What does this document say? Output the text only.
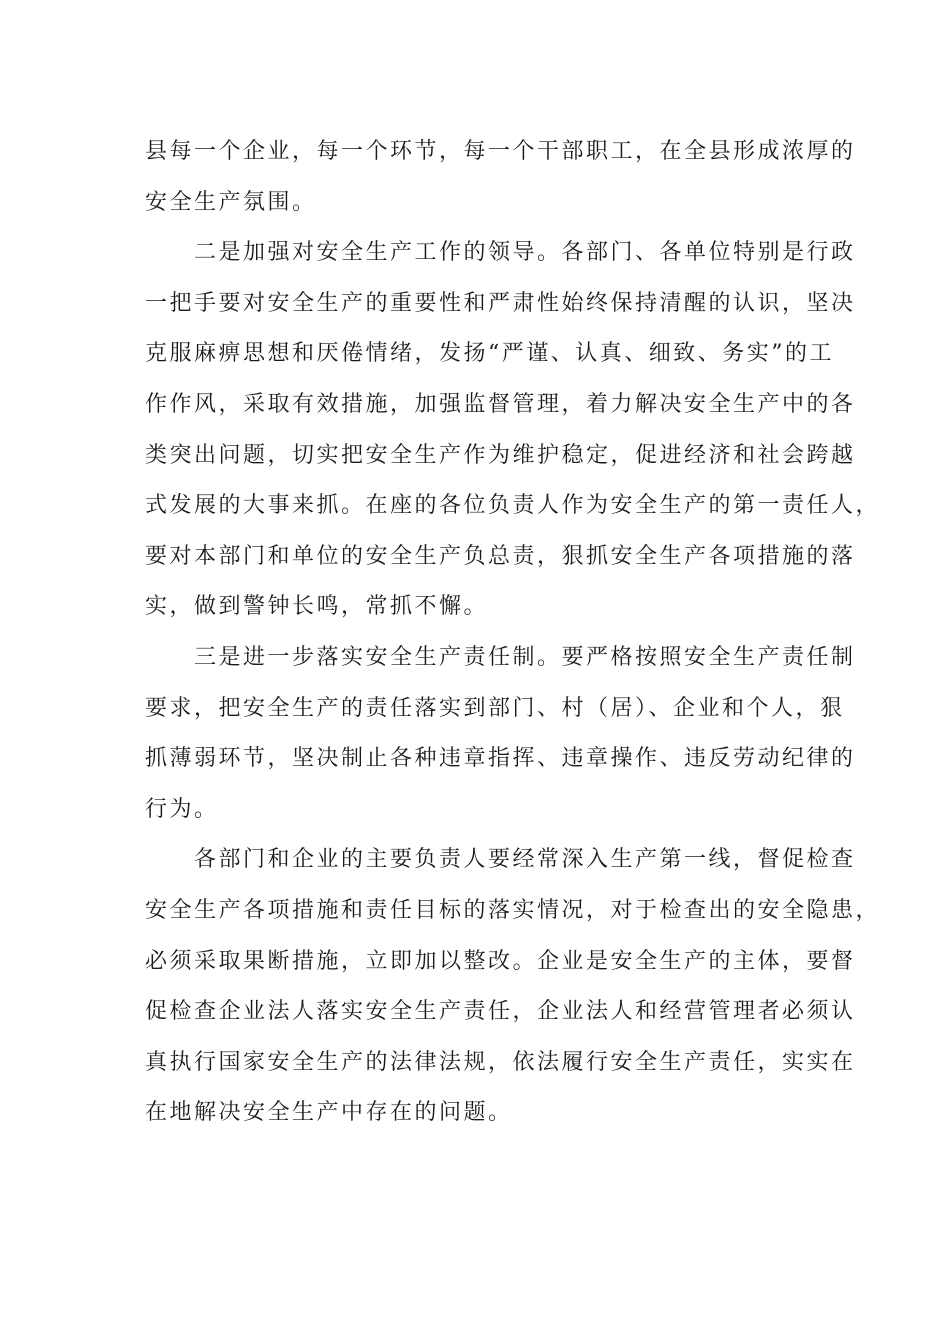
县每一个企业，每一个环节，每一个干部职工，在全县形成浓厚的
安全生产氛围。
二是加强对安全生产工作的领导。各部门、各单位特别是行政
一把手要对安全生产的重要性和严肃性始终保持清醒的认识，坚决
克服麻痹思想和厌倦情绪，发扬“严谨、认真、细致、务实”的工
作作风，采取有效措施，加强监督管理，着力解决安全生产中的各
类突出问题，切实把安全生产作为维护稳定，促进经济和社会跨越
式发展的大事来抓。在座的各位负责人作为安全生产的第一责任人，
要对本部门和单位的安全生产负总责，狠抓安全生产各项措施的落
实，做到警钟长鸣，常抓不懈。
三是进一步落实安全生产责任制。要严格按照安全生产责任制
要求，把安全生产的责任落实到部门、村（居）、企业和个人，狠
抓薄弱环节，坚决制止各种违章指挥、违章操作、违反劳动纪律的
行为。
各部门和企业的主要负责人要经常深入生产第一线，督促检查
安全生产各项措施和责任目标的落实情况，对于检查出的安全隐患，
必须采取果断措施，立即加以整改。企业是安全生产的主体，要督
促检查企业法人落实安全生产责任，企业法人和经营管理者必须认
真执行国家安全生产的法律法规，依法履行安全生产责任，实实在
在地解决安全生产中存在的问题。
